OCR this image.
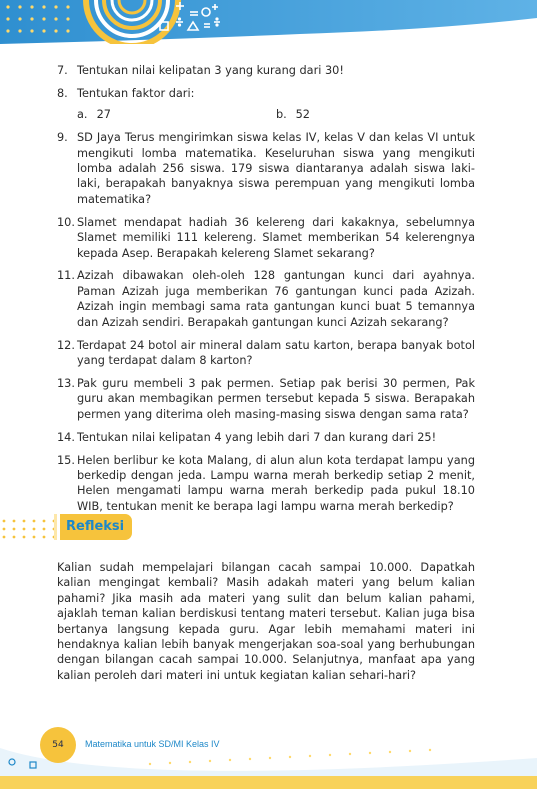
7. Tentukan nilai kelipatan 3 yang kurang dari 30!
8. Tentukan faktor dari:
a. 27	b. 52
9. SD Jaya Terus mengirimkan siswa kelas IV, kelas V dan kelas VI untuk mengikuti lomba matematika. Keseluruhan siswa yang mengikuti lomba adalah 256 siswa. 179 siswa diantaranya adalah siswa laki-laki, berapakah banyaknya siswa perempuan yang mengikuti lomba matematika?
10. Slamet mendapat hadiah 36 kelereng dari kakaknya, sebelumnya Slamet memiliki 111 kelereng. Slamet memberikan 54 kelerengnya kepada Asep. Berapakah kelereng Slamet sekarang?
11. Azizah dibawakan oleh-oleh 128 gantungan kunci dari ayahnya. Paman Azizah juga memberikan 76 gantungan kunci pada Azizah. Azizah ingin membagi sama rata gantungan kunci buat 5 temannya dan Azizah sendiri. Berapakah gantungan kunci Azizah sekarang?
12. Terdapat 24 botol air mineral dalam satu karton, berapa banyak botol yang terdapat dalam 8 karton?
13. Pak guru membeli 3 pak permen. Setiap pak berisi 30 permen, Pak guru akan membagikan permen tersebut kepada 5 siswa. Berapakah permen yang diterima oleh masing-masing siswa dengan sama rata?
14. Tentukan nilai kelipatan 4 yang lebih dari 7 dan kurang dari 25!
15. Helen berlibur ke kota Malang, di alun alun kota terdapat lampu yang berkedip dengan jeda. Lampu warna merah berkedip setiap 2 menit, Helen mengamati lampu warna merah berkedip pada pukul 18.10 WIB, tentukan menit ke berapa lagi lampu warna merah berkedip?
Refleksi
Kalian sudah mempelajari bilangan cacah sampai 10.000. Dapatkah kalian mengingat kembali? Masih adakah materi yang belum kalian pahami? Jika masih ada materi yang sulit dan belum kalian pahami, ajaklah teman kalian berdiskusi tentang materi tersebut. Kalian juga bisa bertanya langsung kepada guru. Agar lebih memahami materi ini hendaknya kalian lebih banyak mengerjakan soa-soal yang berhubungan dengan bilangan cacah sampai 10.000. Selanjutnya, manfaat apa yang kalian peroleh dari materi ini untuk kegiatan kalian sehari-hari?
54	Matematika untuk SD/MI Kelas IV
